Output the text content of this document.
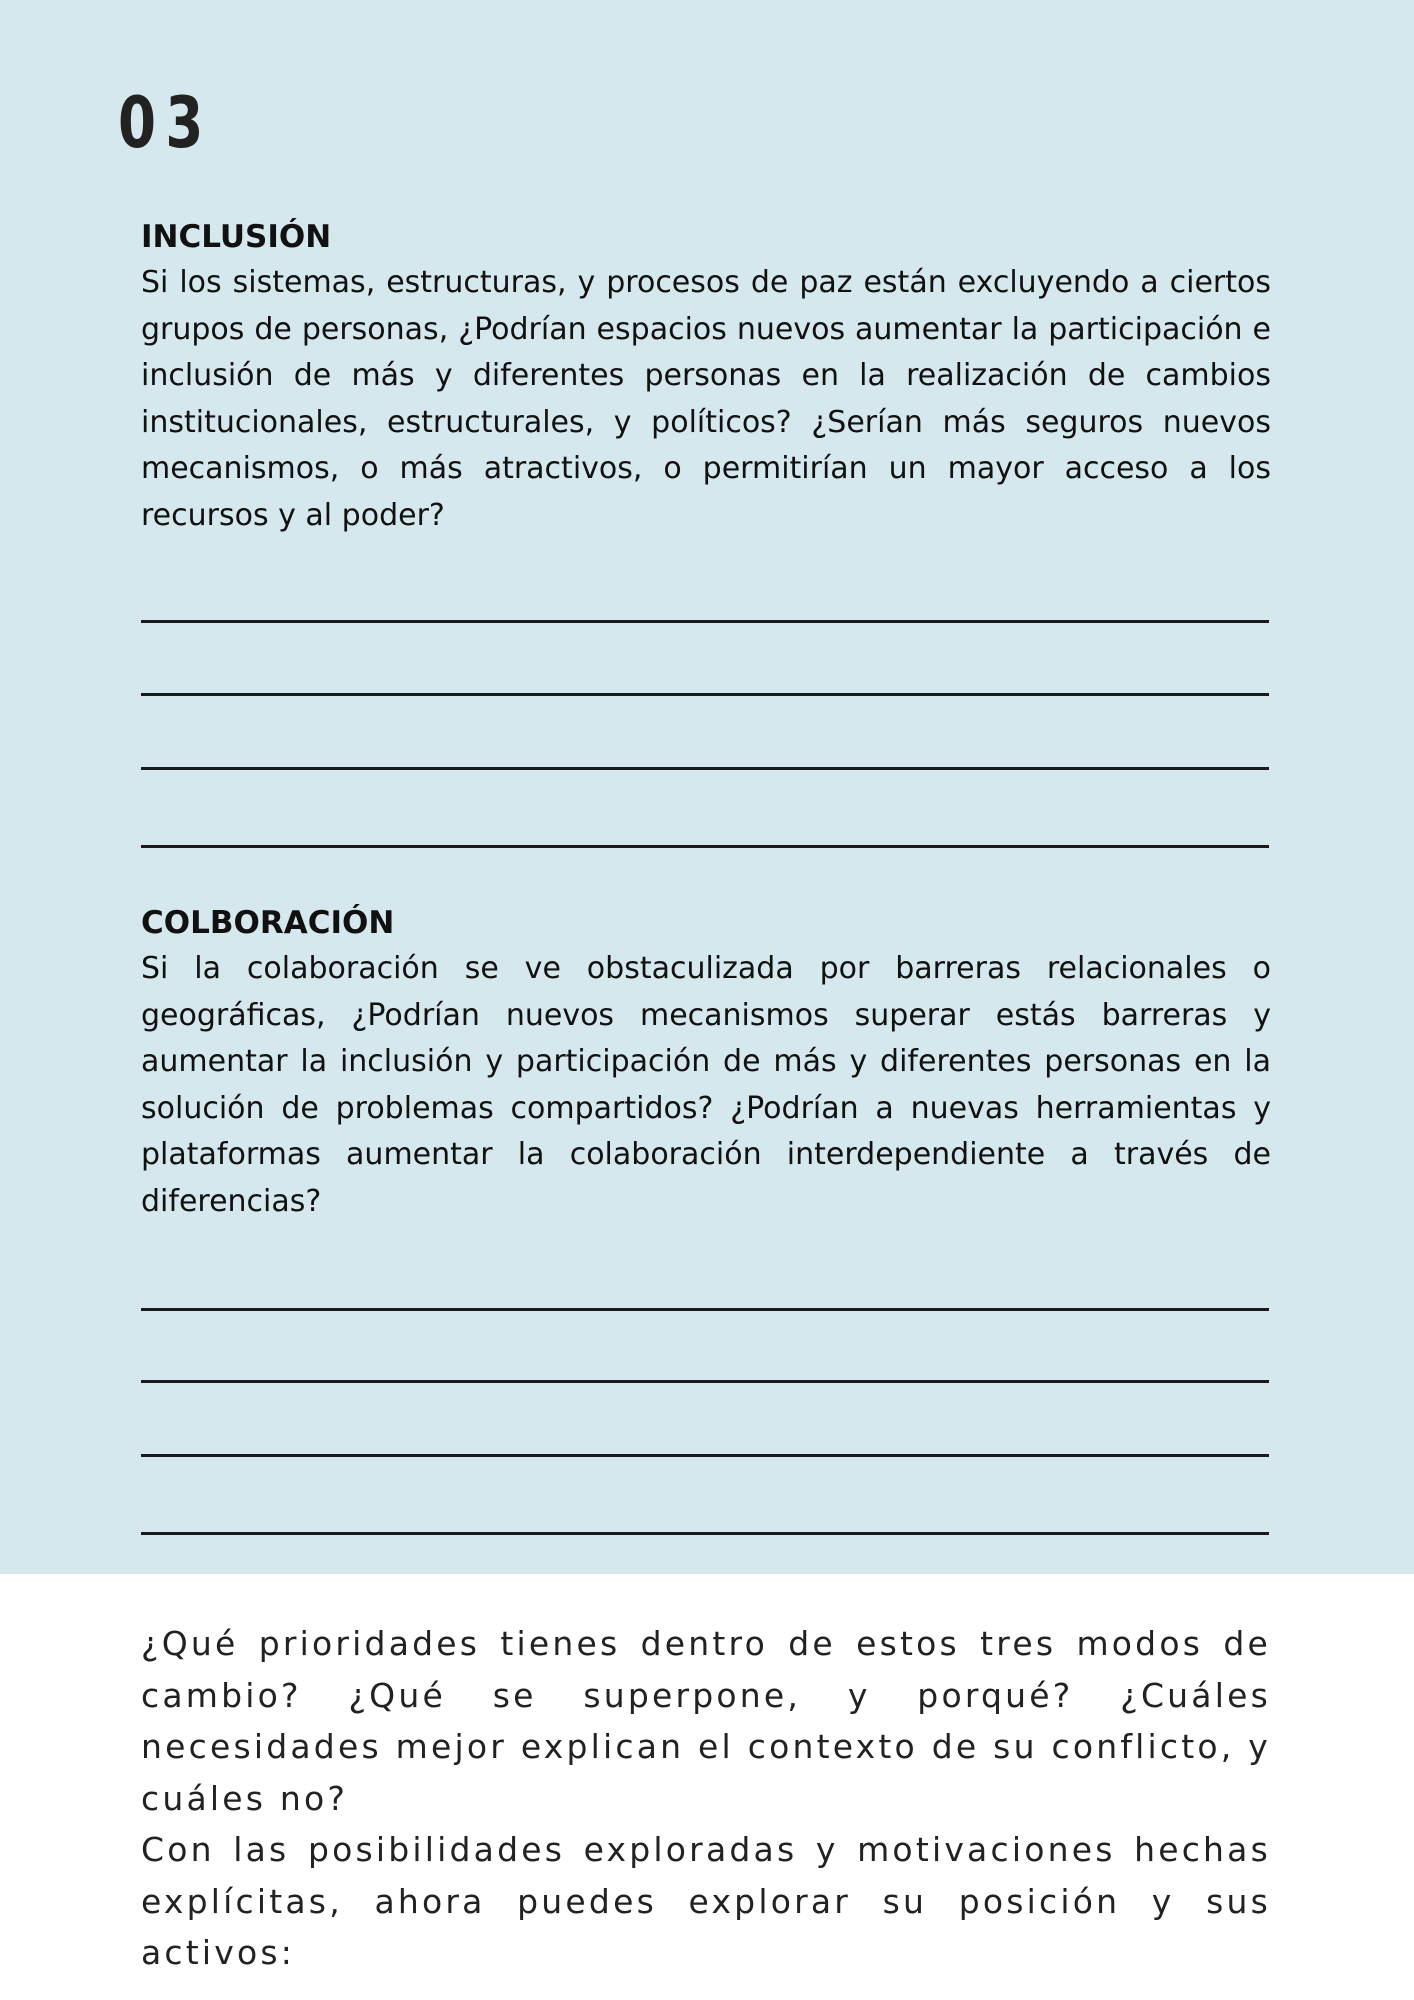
03

INCLUSIÓN

Si los sistemas, estructuras, y procesos de paz están excluyendo a ciertos grupos de personas, ¿Podrían espacios nuevos aumentar la participación e inclusión de más y diferentes personas en la realización de cambios institucionales, estructurales, y políticos? ¿Serían más seguros nuevos mecanismos, o más atractivos, o permitirían un mayor acceso a los recursos y al poder?

COLBORACIÓN

Si la colaboración se ve obstaculizada por barreras relacionales o geográficas, ¿Podrían nuevos mecanismos superar estás barreras y aumentar la inclusión y participación de más y diferentes personas en la solución de problemas compartidos? ¿Podrían a nuevas herramientas y plataformas aumentar la colaboración interdependiente a través de diferencias?

¿Qué prioridades tienes dentro de estos tres modos de cambio? ¿Qué se superpone, y porqué? ¿Cuáles necesidades mejor explican el contexto de su conflicto, y cuáles no?

Con las posibilidades exploradas y motivaciones hechas explícitas, ahora puedes explorar su posición y sus activos:
